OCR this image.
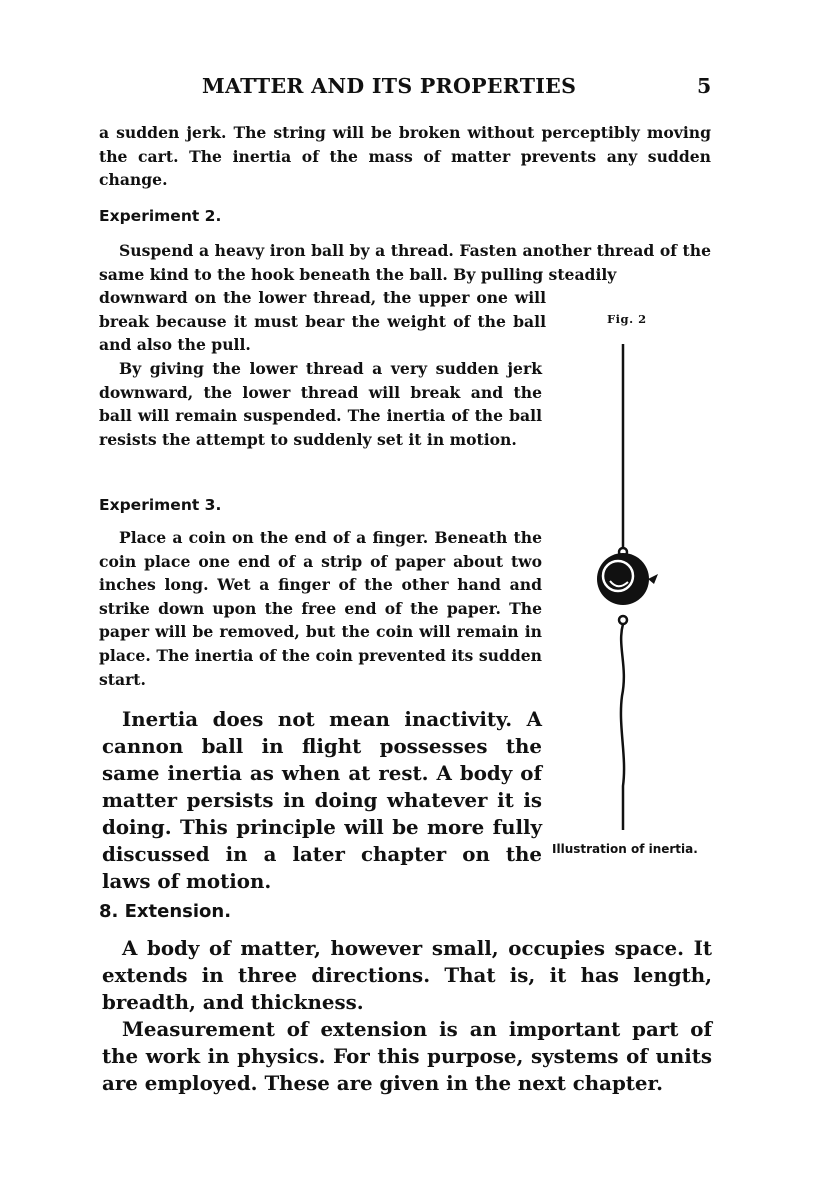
MATTER AND ITS PROPERTIES	5

a sudden jerk. The string will be broken without perceptibly moving the cart. The inertia of the mass of matter prevents any sudden change.

Experiment 2.

Suspend a heavy iron ball by a thread. Fasten another thread of the same kind to the hook beneath the ball. By pulling steadily

downward on the lower thread, the upper one will break because it must bear the weight of the ball and also the pull.

By giving the lower thread a very sudden jerk downward, the lower thread will break and the ball will remain suspended. The inertia of the ball resists the attempt to suddenly set it in motion.

Experiment 3.

Place a coin on the end of a finger. Beneath the coin place one end of a strip of paper about two inches long. Wet a finger of the other hand and strike down upon the free end of the paper. The paper will be removed, but the coin will remain in place. The inertia of the coin prevented its sudden start.

Inertia does not mean inactivity. A cannon ball in flight possesses the same inertia as when at rest. A body of matter persists in doing whatever it is doing. This principle will be more fully discussed in a later chapter on the laws of motion.

Fig. 2
Illustration of inertia.
8. Extension.

A body of matter, however small, occupies space. It extends in three directions. That is, it has length, breadth, and thickness.

Measurement of extension is an important part of the work in physics. For this purpose, systems of units are employed. These are given in the next chapter.
